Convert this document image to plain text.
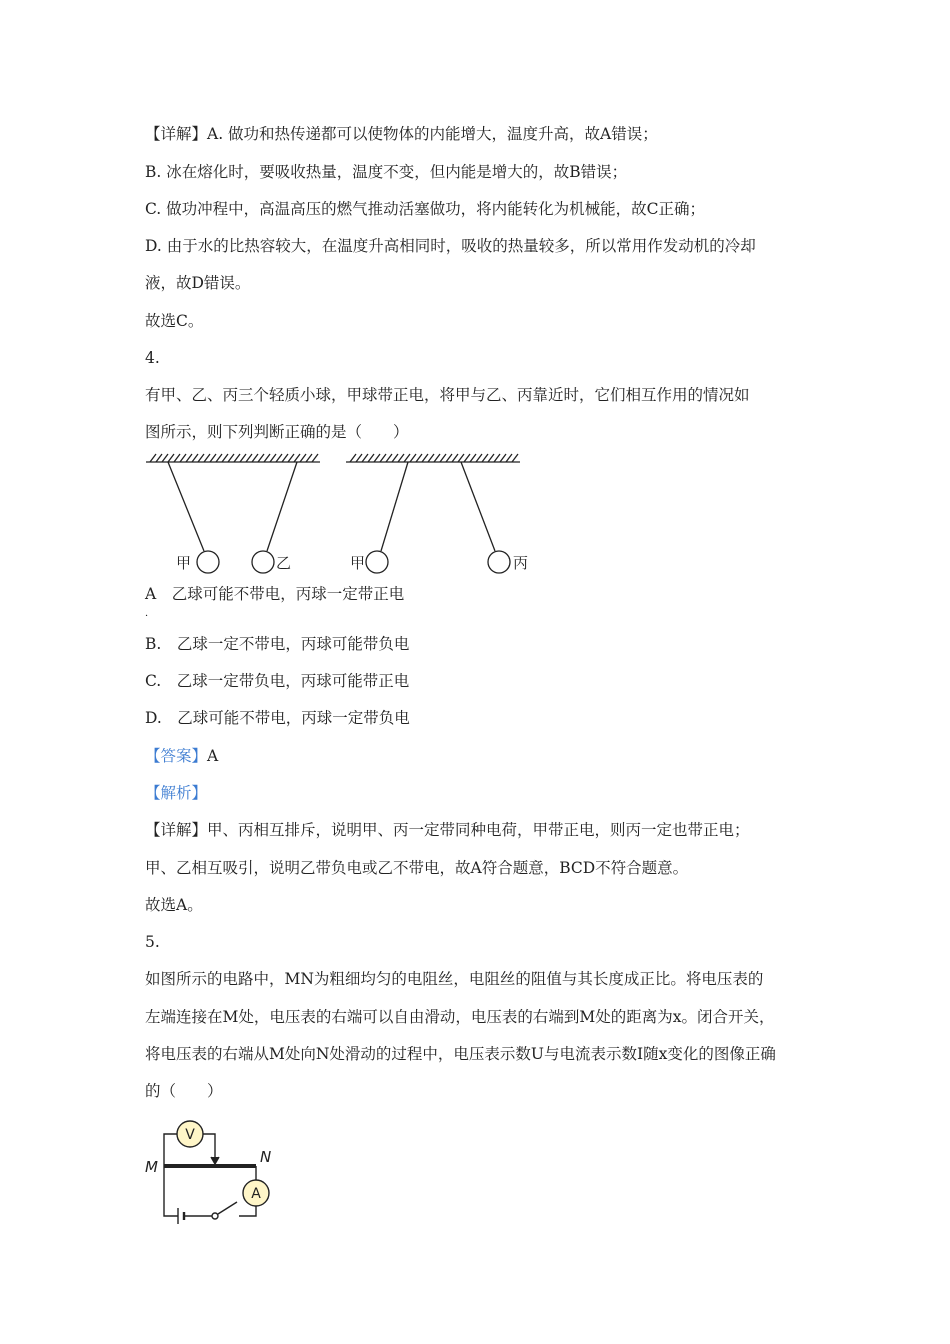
【详解】A. 做功和热传递都可以使物体的内能增大，温度升高，故A错误；
B. 冰在熔化时，要吸收热量，温度不变，但内能是增大的，故B错误；
C. 做功冲程中，高温高压的燃气推动活塞做功，将内能转化为机械能，故C正确；
D. 由于水的比热容较大，在温度升高相同时，吸收的热量较多，所以常用作发动机的冷却
液，故D错误。
故选C。
4.
有甲、乙、丙三个轻质小球，甲球带正电，将甲与乙、丙靠近时，它们相互作用的情况如
图所示，则下列判断正确的是（　　）
甲	乙	甲	丙
A　乙球可能不带电，丙球一定带正电
．
B.　乙球一定不带电，丙球可能带负电
C.　乙球一定带负电，丙球可能带正电
D.　乙球可能不带电，丙球一定带负电
【答案】A
【解析】
【详解】甲、丙相互排斥，说明甲、丙一定带同种电荷，甲带正电，则丙一定也带正电；
甲、乙相互吸引，说明乙带负电或乙不带电，故A符合题意，BCD不符合题意。
故选A。
5.
如图所示的电路中，MN为粗细均匀的电阻丝，电阻丝的阻值与其长度成正比。将电压表的
左端连接在M处，电压表的右端可以自由滑动，电压表的右端到M处的距离为x。闭合开关，
将电压表的右端从M处向N处滑动的过程中，电压表示数U与电流表示数I随x变化的图像正确
的（　　）
V
A
M
N
